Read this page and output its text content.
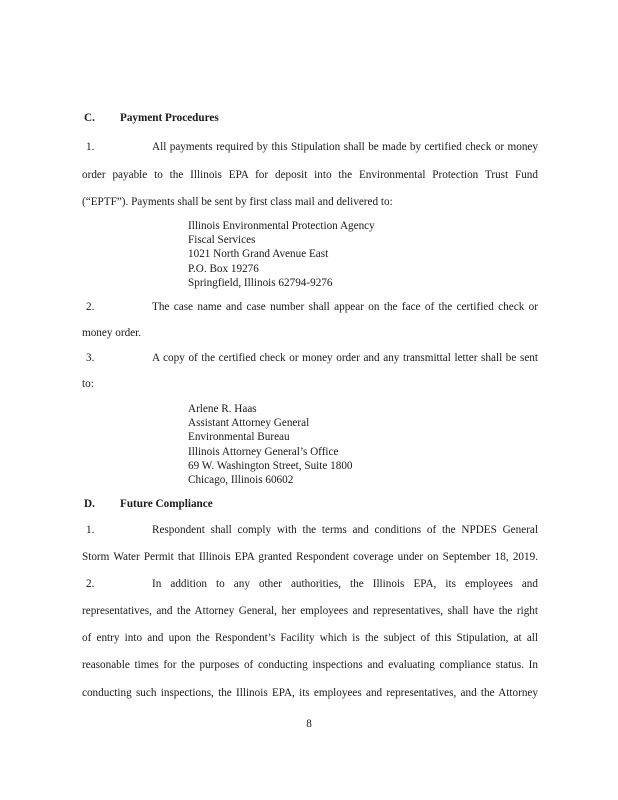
C. Payment Procedures
1.	All payments required by this Stipulation shall be made by certified check or money
order payable to the Illinois EPA for deposit into the Environmental Protection Trust Fund
(“EPTF”). Payments shall be sent by first class mail and delivered to:
Illinois Environmental Protection Agency
Fiscal Services
1021 North Grand Avenue East
P.O. Box 19276
Springfield, Illinois 62794-9276
2.	The case name and case number shall appear on the face of the certified check or
money order.
3.	A copy of the certified check or money order and any transmittal letter shall be sent
to:
Arlene R. Haas
Assistant Attorney General
Environmental Bureau
Illinois Attorney General’s Office
69 W. Washington Street, Suite 1800
Chicago, Illinois 60602
D. Future Compliance
1.	Respondent shall comply with the terms and conditions of the NPDES General
Storm Water Permit that Illinois EPA granted Respondent coverage under on September 18, 2019.
2.	In addition to any other authorities, the Illinois EPA, its employees and
representatives, and the Attorney General, her employees and representatives, shall have the right
of entry into and upon the Respondent’s Facility which is the subject of this Stipulation, at all
reasonable times for the purposes of conducting inspections and evaluating compliance status. In
conducting such inspections, the Illinois EPA, its employees and representatives, and the Attorney
8
